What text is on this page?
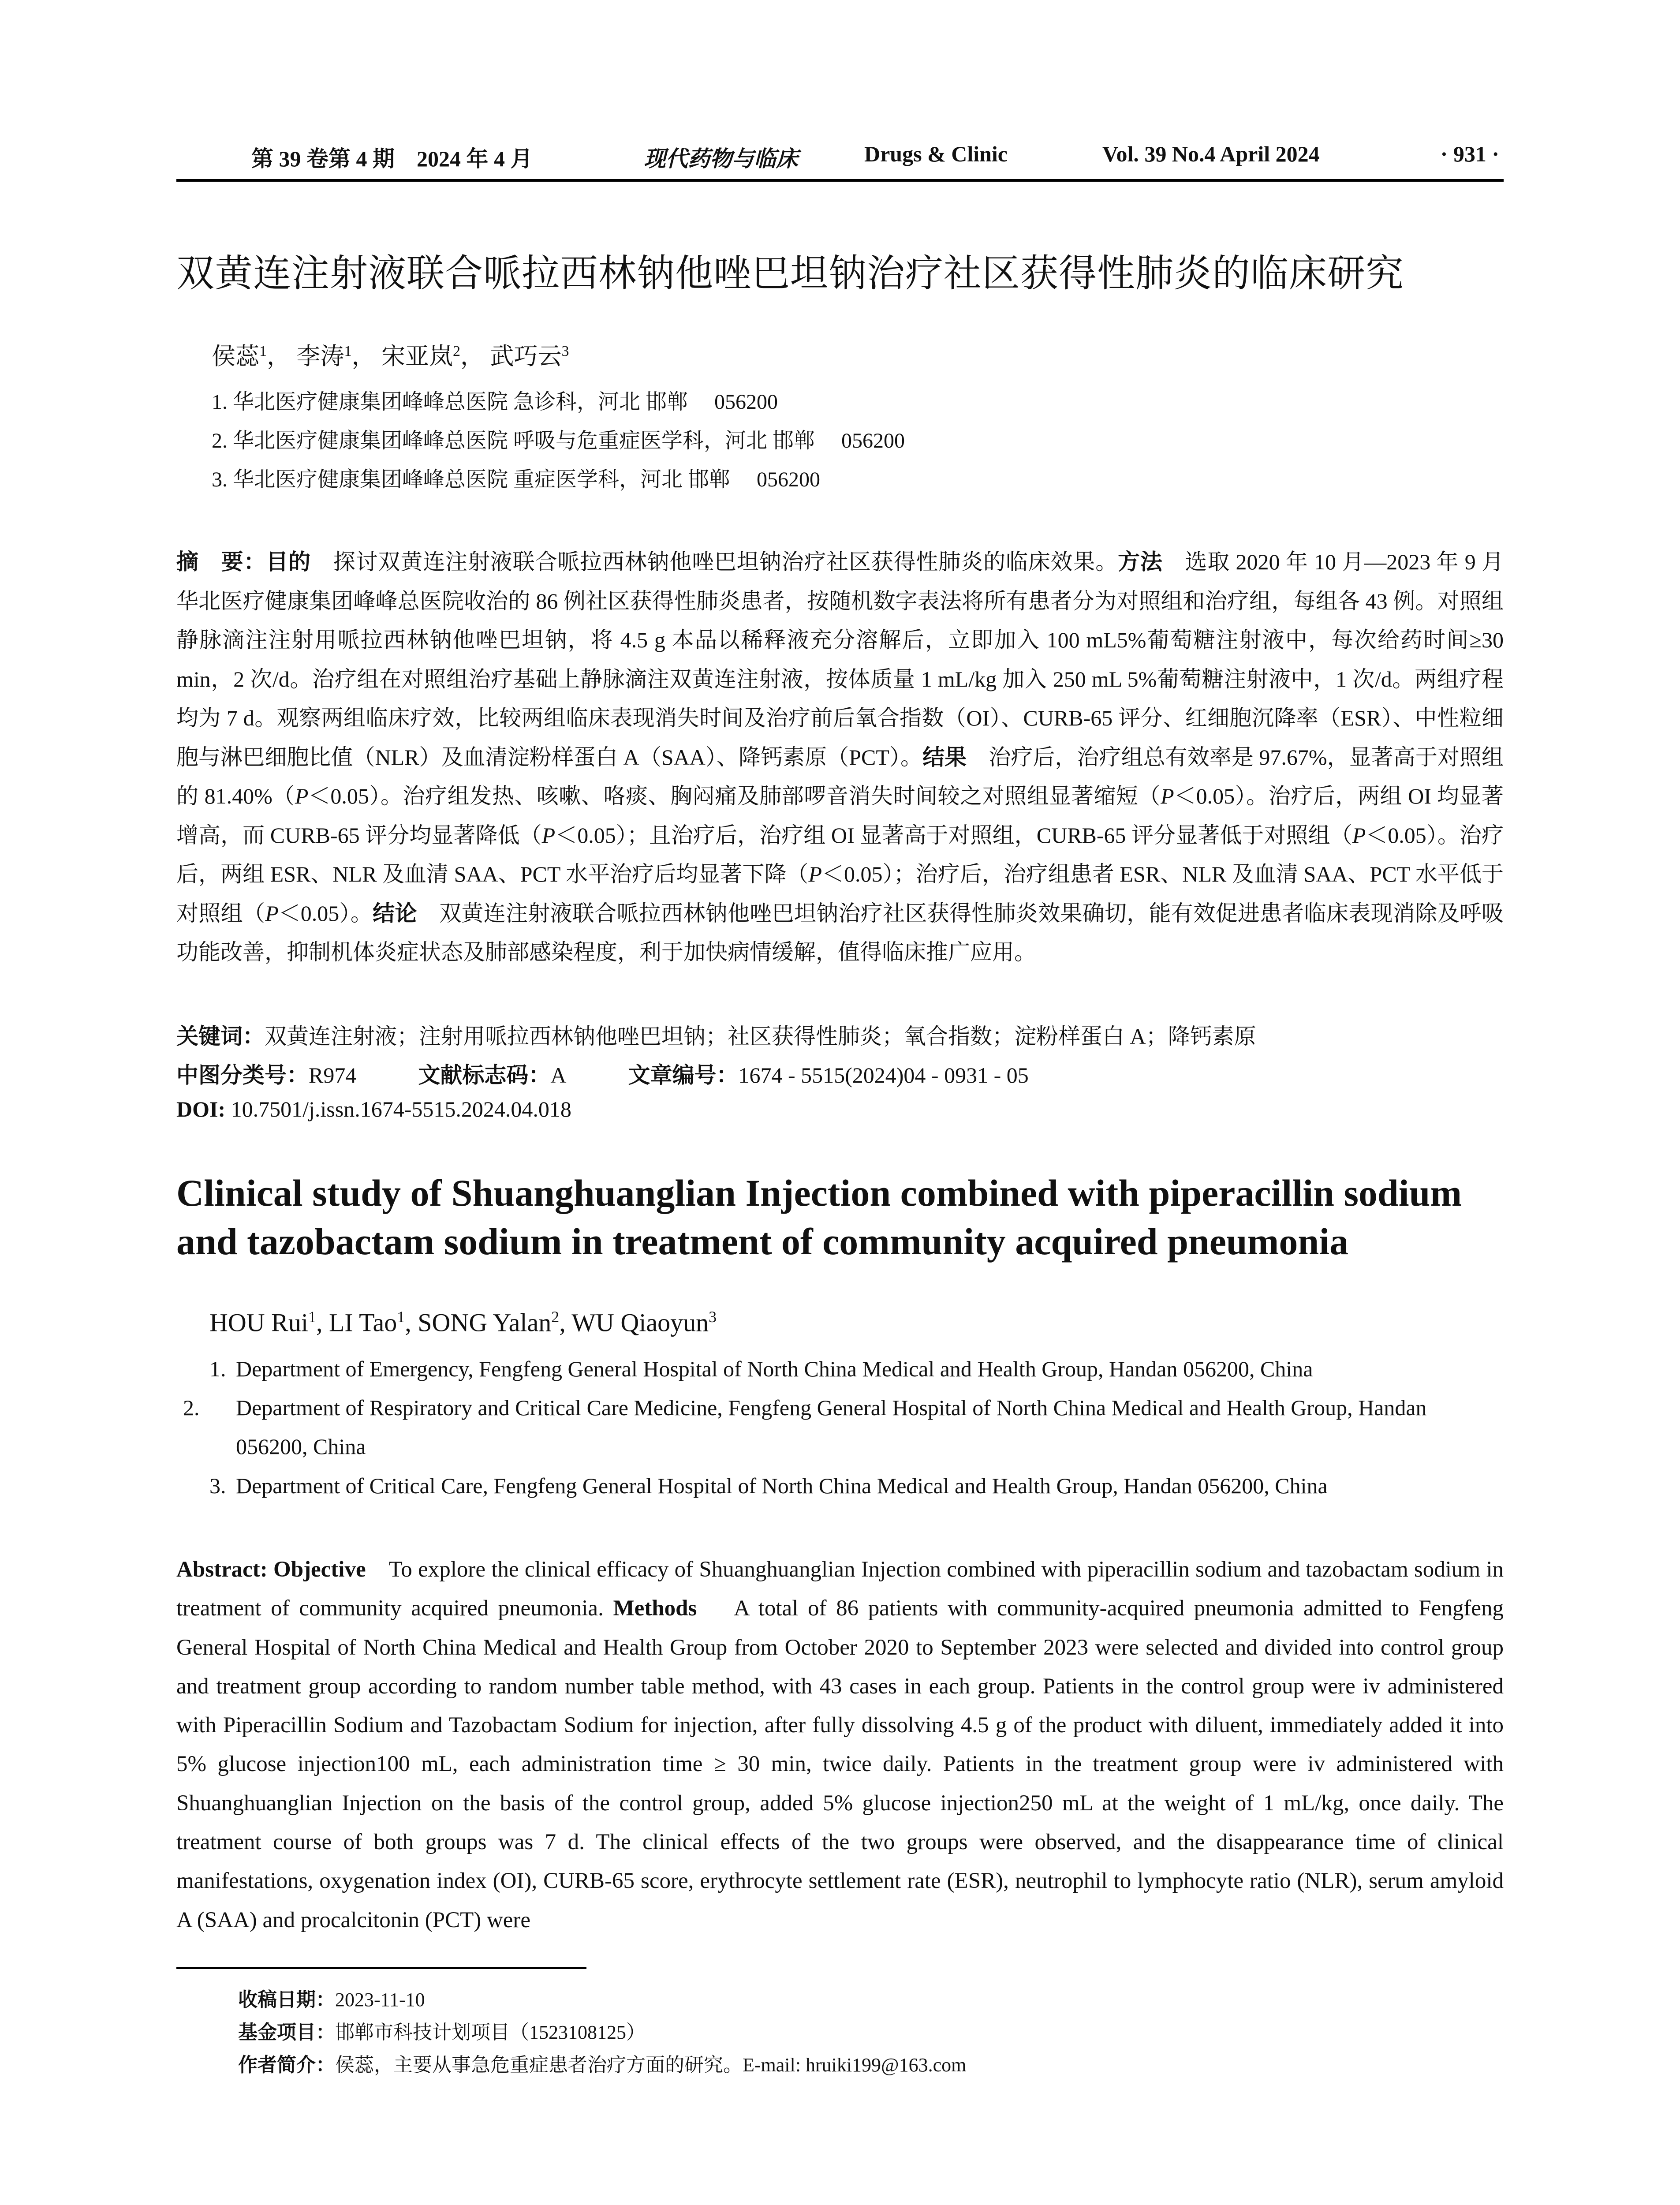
第 39 卷第 4 期　2024 年 4 月	现代药物与临床	Drugs & Clinic	Vol. 39 No.4 April 2024	· 931 ·
双黄连注射液联合哌拉西林钠他唑巴坦钠治疗社区获得性肺炎的临床研究
侯蕊$^1$， 李涛$^1$， 宋亚岚$^2$， 武巧云$^3$
1. 华北医疗健康集团峰峰总医院 急诊科，河北 邯郸 056200
2. 华北医疗健康集团峰峰总医院 呼吸与危重症医学科，河北 邯郸 056200
3. 华北医疗健康集团峰峰总医院 重症医学科，河北 邯郸 056200

摘　要：目的　 探讨双黄连注射液联合哌拉西林钠他唑巴坦钠治疗社区获得性肺炎的临床效果。方法　 选取 2020 年 10 月—2023 年 9 月华北医疗健康集团峰峰总医院收治的 86 例社区获得性肺炎患者，按随机数字表法将所有患者分为对照组和治疗组，每组各 43 例。对照组静脉滴注注射用哌拉西林钠他唑巴坦钠，将 4.5 g 本品以稀释液充分溶解后，立即加入 100 mL5%葡萄糖注射液中，每次给药时间≥30 min，2 次/d。治疗组在对照组治疗基础上静脉滴注双黄连注射液，按体质量 1 mL/kg 加入 250 mL 5%葡萄糖注射液中，1 次/d。两组疗程均为 7 d。观察两组临床疗效，比较两组临床表现消失时间及治疗前后氧合指数（OI）、CURB-65 评分、红细胞沉降率（ESR）、中性粒细胞与淋巴细胞比值（NLR）及血清淀粉样蛋白 A（SAA）、降钙素原（PCT）。结果　 治疗后，治疗组总有效率是 97.67%，显著高于对照组的 81.40%（P＜0.05）。治疗组发热、咳嗽、咯痰、胸闷痛及肺部啰音消失时间较之对照组显著缩短（P＜0.05）。治疗后，两组 OI 均显著增高，而 CURB-65 评分均显著降低（P＜0.05）；且治疗后，治疗组 OI 显著高于对照组，CURB-65 评分显著低于对照组（P＜0.05）。治疗后，两组 ESR、NLR 及血清 SAA、PCT 水平治疗后均显著下降（P＜0.05）；治疗后，治疗组患者 ESR、NLR 及血清 SAA、PCT 水平低于对照组（P＜0.05）。结论　 双黄连注射液联合哌拉西林钠他唑巴坦钠治疗社区获得性肺炎效果确切，能有效促进患者临床表现消除及呼吸功能改善，抑制机体炎症状态及肺部感染程度，利于加快病情缓解，值得临床推广应用。

关键词：双黄连注射液；注射用哌拉西林钠他唑巴坦钠；社区获得性肺炎；氧合指数；淀粉样蛋白 A；降钙素原
中图分类号：R974	文献标志码：A	文章编号：1674 - 5515(2024)04 - 0931 - 05
DOI: 10.7501/j.issn.1674-5515.2024.04.018

Clinical study of Shuanghuanglian Injection combined with piperacillin sodium and tazobactam sodium in treatment of community acquired pneumonia

HOU Rui$^1$, LI Tao$^1$, SONG Yalan$^2$, WU Qiaoyun$^3$

1. Department of Emergency, Fengfeng General Hospital of North China Medical and Health Group, Handan 056200, China

2. Department of Respiratory and Critical Care Medicine, Fengfeng General Hospital of North China Medical and Health Group, Handan 056200, China

3. Department of Critical Care, Fengfeng General Hospital of North China Medical and Health Group, Handan 056200, China

Abstract: Objective To explore the clinical efficacy of Shuanghuanglian Injection combined with piperacillin sodium and tazobactam sodium in treatment of community acquired pneumonia. Methods A total of 86 patients with community-acquired pneumonia admitted to Fengfeng General Hospital of North China Medical and Health Group from October 2020 to September 2023 were selected and divided into control group and treatment group according to random number table method, with 43 cases in each group. Patients in the control group were iv administered with Piperacillin Sodium and Tazobactam Sodium for injection, after fully dissolving 4.5 g of the product with diluent, immediately added it into 5% glucose injection100 mL, each administration time ≥ 30 min, twice daily. Patients in the treatment group were iv administered with Shuanghuanglian Injection on the basis of the control group, added 5% glucose injection250 mL at the weight of 1 mL/kg, once daily. The treatment course of both groups was 7 d. The clinical effects of the two groups were observed, and the disappearance time of clinical manifestations, oxygenation index (OI), CURB-65 score, erythrocyte settlement rate (ESR), neutrophil to lymphocyte ratio (NLR), serum amyloid A (SAA) and procalcitonin (PCT) were

收稿日期：2023-11-10
基金项目：邯郸市科技计划项目（1523108125）
作者简介：侯蕊，主要从事急危重症患者治疗方面的研究。E-mail: hruiki199@163.com
